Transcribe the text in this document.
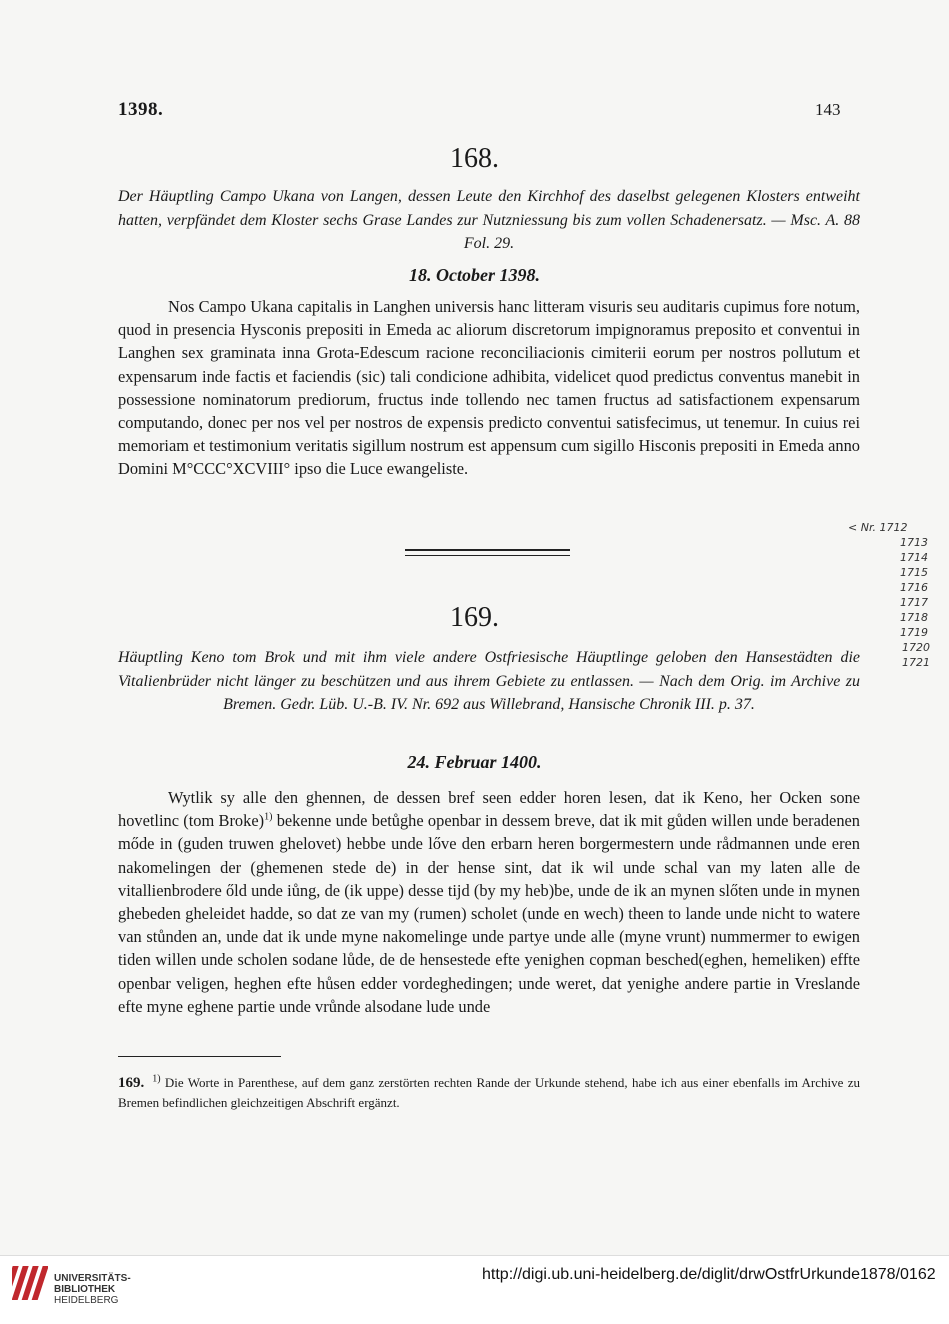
1398.	143
168.
Der Häuptling Campo Ukana von Langen, dessen Leute den Kirchhof des daselbst gelegenen Klosters entweiht hatten, verpfändet dem Kloster sechs Grase Landes zur Nutzniessung bis zum vollen Schadenersatz. — Msc. A. 88 Fol. 29.
18. October 1398.

Nos Campo Ukana capitalis in Langhen universis hanc litteram visuris seu auditaris cupimus fore notum, quod in presencia Hysconis prepositi in Emeda ac aliorum discretorum impignoramus preposito et conventui in Langhen sex graminata inna Grota-Edescum racione reconciliacionis cimiterii eorum per nostros pollutum et expensarum inde factis et faciendis (sic) tali condicione adhibita, videlicet quod predictus conventus manebit in possessione nominatorum prediorum, fructus inde tollendo nec tamen fructus ad satisfactionem expensarum computando, donec per nos vel per nostros de expensis predicto conventui satisfecimus, ut tenemur. In cuius rei memoriam et testimonium veritatis sigillum nostrum est appensum cum sigillo Hisconis prepositi in Emeda anno Domini M°CCC°XCVIII° ipso die Luce ewangeliste.

< Nr. 1712
1713
1714
1715
1716
1717
1718
1719
1720
1721
169.
Häuptling Keno tom Brok und mit ihm viele andere Ostfriesische Häuptlinge geloben den Hansestädten die Vitalienbrüder nicht länger zu beschützen und aus ihrem Gebiete zu entlassen. — Nach dem Orig. im Archive zu Bremen. Gedr. Lüb. U.-B. IV. Nr. 692 aus Willebrand, Hansische Chronik III. p. 37.
24. Februar 1400.

Wytlik sy alle den ghennen, de dessen bref seen edder horen lesen, dat ik Keno, her Ocken sone hovetlinc (tom Broke)$^{1)}$ bekenne unde betůghe openbar in dessem breve, dat ik mit gůden willen unde beradenen mőde in (guden truwen ghelovet) hebbe unde lőve den erbarn heren borgermestern unde rådmannen unde eren nakomelingen der (ghemenen stede de) in der hense sint, dat ik wil unde schal van my laten alle de vitallienbrodere őld unde iůng, de (ik uppe) desse tijd (by my heb)be, unde de ik an mynen slőten unde in mynen ghebeden gheleidet hadde, so dat ze van my (rumen) scholet (unde en wech) theen to lande unde nicht to watere van stůnden an, unde dat ik unde myne nakomelinge unde partye unde alle (myne vrunt) nummermer to ewigen tiden willen unde scholen sodane lůde, de de hensestede efte yenighen copman besched(eghen, hemeliken) effte openbar veligen, heghen efte hůsen edder vordeghedingen; unde weret, dat yenighe andere partie in Vreslande efte myne eghene partie unde vrůnde alsodane lude unde

169. $^{1)}$ Die Worte in Parenthese, auf dem ganz zerstörten rechten Rande der Urkunde stehend, habe ich aus einer ebenfalls im Archive zu Bremen befindlichen gleichzeitigen Abschrift ergänzt.
UNIVERSITÄTS-
BIBLIOTHEK
HEIDELBERG
http://digi.ub.uni-heidelberg.de/diglit/drwOstfrUrkunde1878/0162
